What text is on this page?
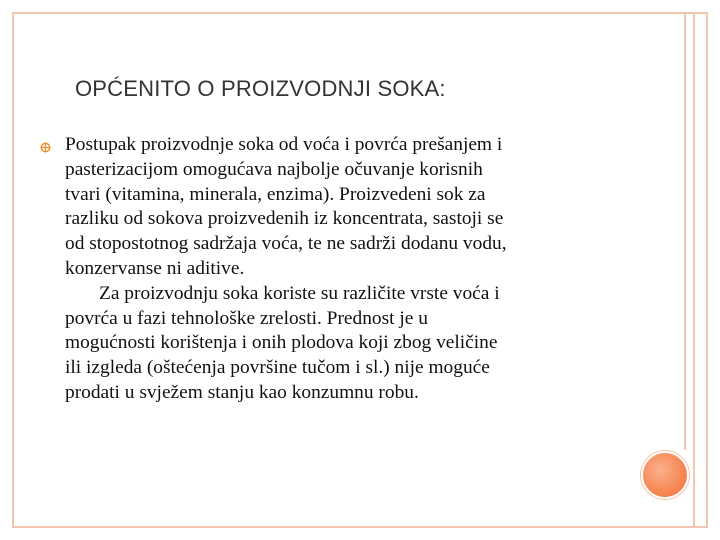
OPĆENITO O PROIZVODNJI SOKA:
Postupak proizvodnje soka od voća i povrća prešanjem i
pasterizacijom omogućava najbolje očuvanje korisnih
tvari (vitamina, minerala, enzima). Proizvedeni sok za
razliku od sokova proizvedenih iz koncentrata, sastoji se
od stopostotnog sadržaja voća, te ne sadrži dodanu vodu,
konzervanse ni aditive.
Za proizvodnju soka koriste su različite vrste voća i
povrća u fazi tehnološke zrelosti. Prednost je u
mogućnosti korištenja i onih plodova koji zbog veličine
ili izgleda (oštećenja površine tučom i sl.) nije moguće
prodati u svježem stanju kao konzumnu robu.
